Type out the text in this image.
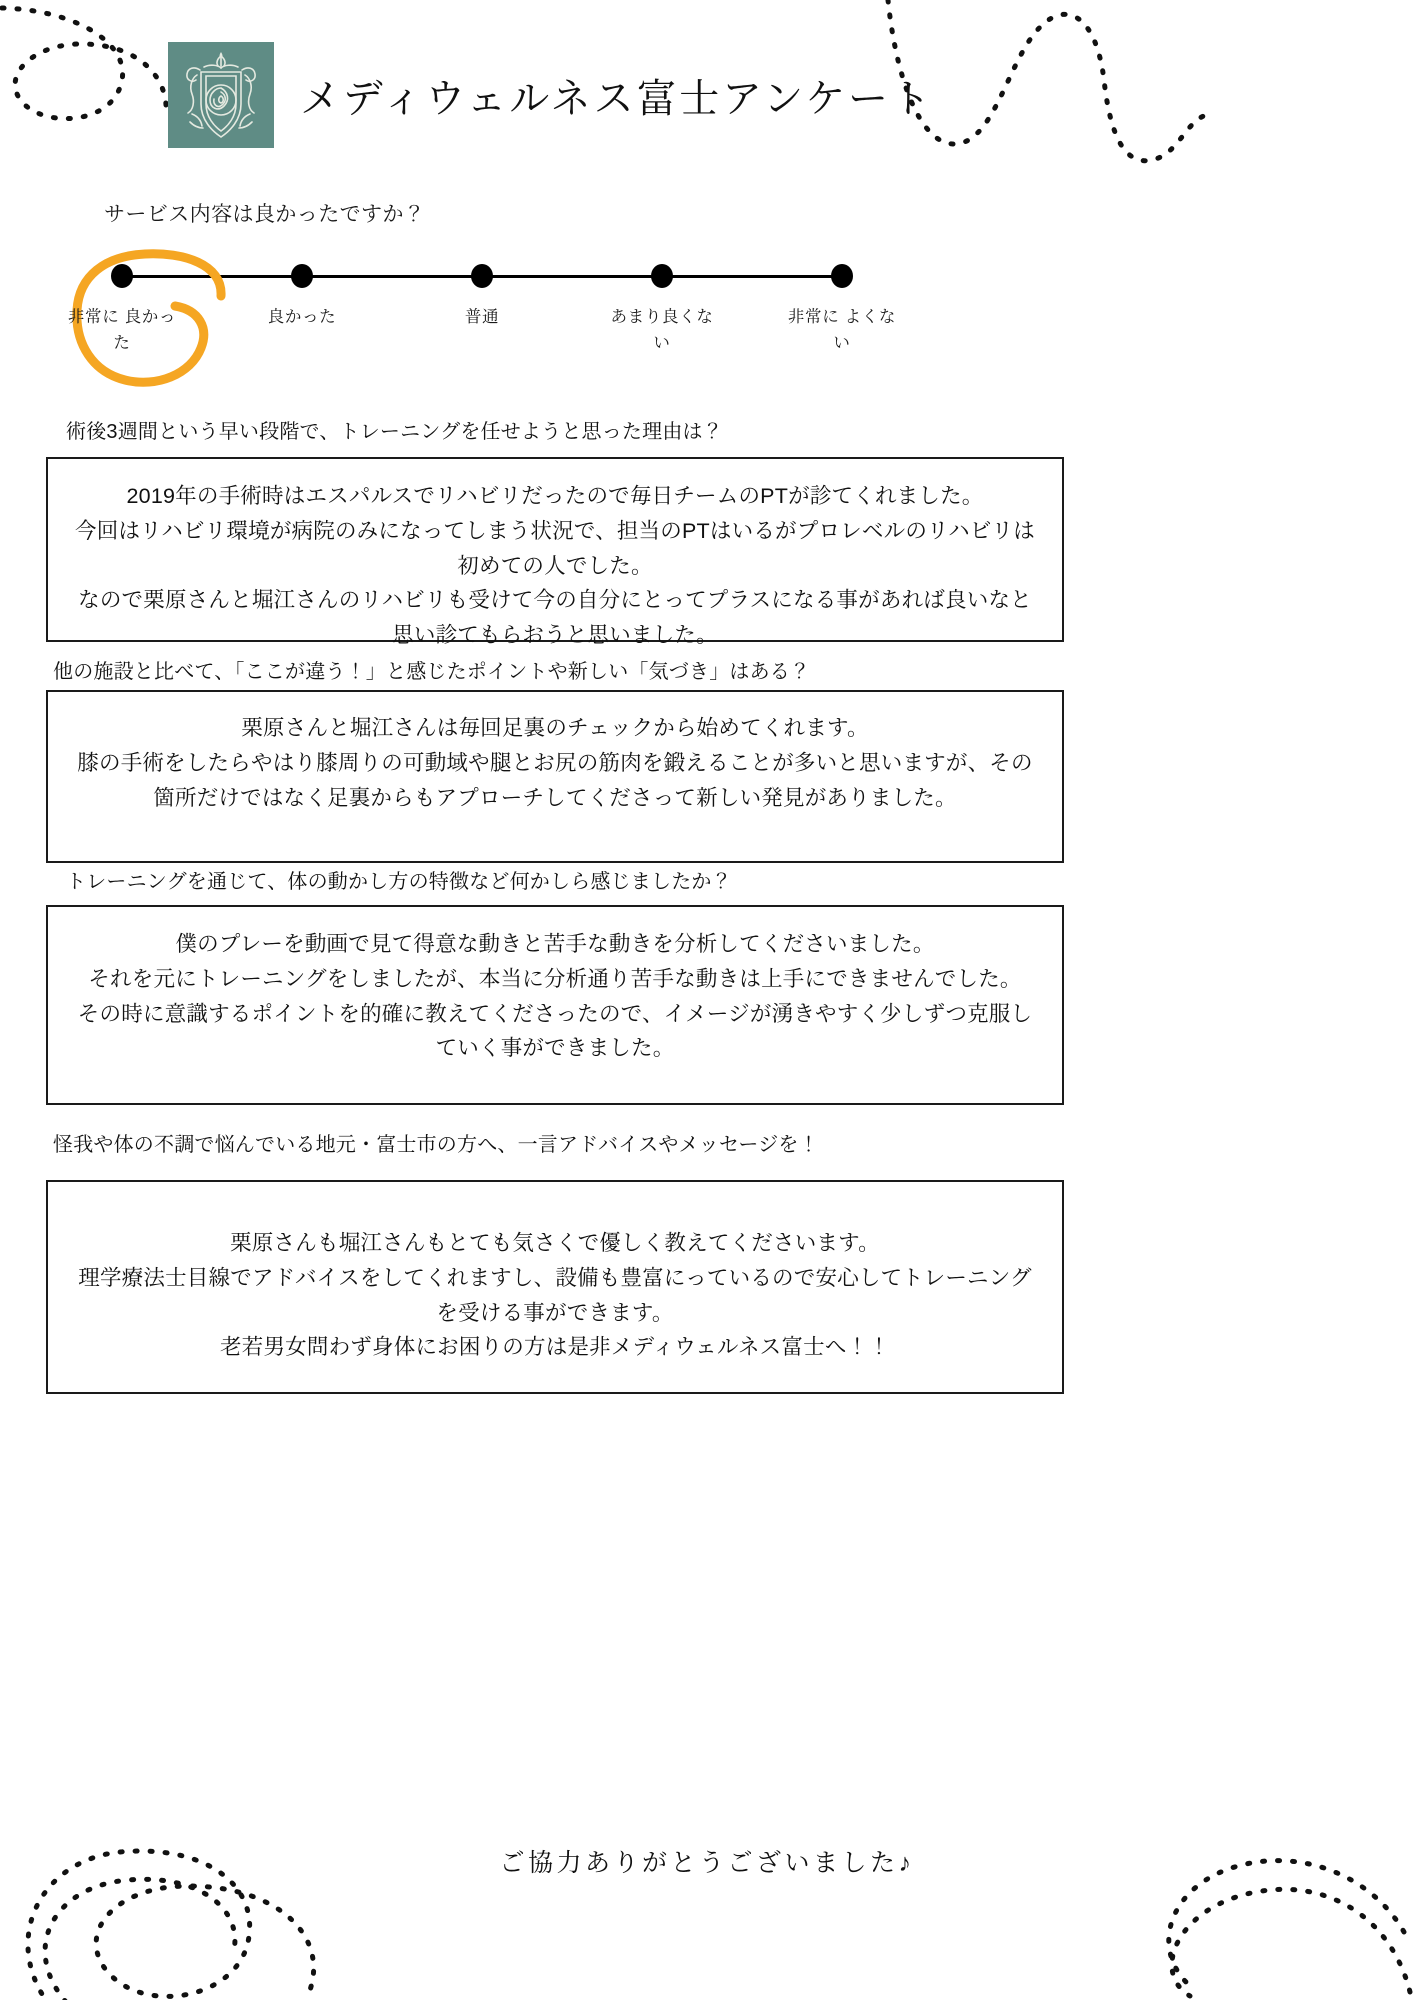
メディウェルネス富士アンケート
サービス内容は良かったですか？
非常に 良かった
良かった	普通	あまり良くな い
非常に よくない
術後3週間という早い段階で、トレーニングを任せようと思った理由は？
2019年の手術時はエスパルスでリハビリだったので毎日チームのPTが診てくれました。
今回はリハビリ環境が病院のみになってしまう状況で、担当のPTはいるがプロレベルのリハビリは初めての人でした。
なので栗原さんと堀江さんのリハビリも受けて今の自分にとってプラスになる事があれば良いなと思い診てもらおうと思いました。
他の施設と比べて、「ここが違う！」と感じたポイントや新しい「気づき」はある？
栗原さんと堀江さんは毎回足裏のチェックから始めてくれます。
膝の手術をしたらやはり膝周りの可動域や腿とお尻の筋肉を鍛えることが多いと思いますが、その箇所だけではなく足裏からもアプローチしてくださって新しい発見がありました。
トレーニングを通じて、体の動かし方の特徴など何かしら感じましたか？
僕のプレーを動画で見て得意な動きと苦手な動きを分析してくださいました。
それを元にトレーニングをしましたが、本当に分析通り苦手な動きは上手にできませんでした。
その時に意識するポイントを的確に教えてくださったので、イメージが湧きやすく少しずつ克服していく事ができました。
怪我や体の不調で悩んでいる地元・富士市の方へ、一言アドバイスやメッセージを！
栗原さんも堀江さんもとても気さくで優しく教えてくださいます。
理学療法士目線でアドバイスをしてくれますし、設備も豊富にっているので安心してトレーニングを受ける事ができます。
老若男女問わず身体にお困りの方は是非メディウェルネス富士へ！！
ご協力ありがとうございました♪
